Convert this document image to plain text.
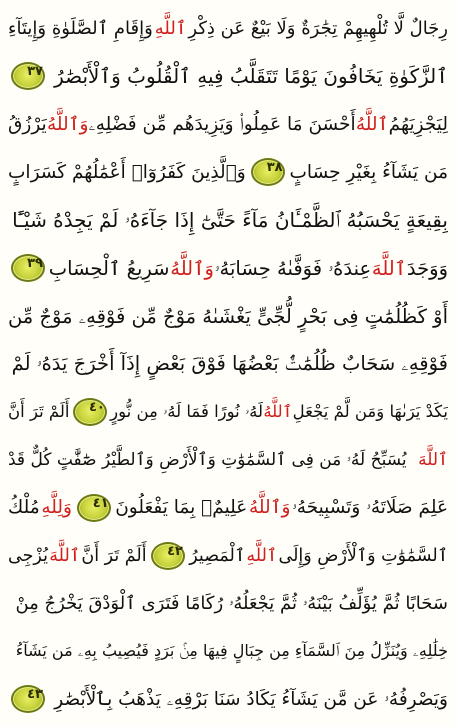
رِجَالٌ لَّا تُلْهِيهِمْ تِجَٰرَةٌ وَلَا بَيْعٌ عَن ذِكْرِ
ٱللَّهِ
وَإِقَامِ ٱلصَّلَوٰةِ وَإِيتَآءِ
ٱلزَّكَوٰةِ يَخَافُونَ يَوْمًا تَتَقَلَّبُ فِيهِ ٱلْقُلُوبُ وَٱلْأَبْصَٰرُ
٣٧
لِيَجْزِيَهُمُ
ٱللَّهُ
أَحْسَنَ مَا عَمِلُوا۟ وَيَزِيدَهُم مِّن فَضْلِهِۦ
وَٱللَّهُ
يَرْزُقُ
مَن يَشَآءُ بِغَيْرِ حِسَابٍ
٣٨
وَٱلَّذِينَ كَفَرُوٓا۟ أَعْمَٰلُهُمْ كَسَرَابٍ
بِقِيعَةٍ يَحْسَبُهُ ٱلظَّمْـَٔانُ مَآءً حَتَّىٰٓ إِذَا جَآءَهُۥ لَمْ يَجِدْهُ شَيْـًٔا
وَوَجَدَ
ٱللَّهَ
عِندَهُۥ فَوَفَّىٰهُ حِسَابَهُۥ
وَٱللَّهُ
سَرِيعُ ٱلْحِسَابِ
٣٩
أَوْ كَظُلُمَٰتٍ فِى بَحْرٍ لُّجِّىٍّ يَغْشَىٰهُ مَوْجٌ مِّن فَوْقِهِۦ مَوْجٌ مِّن
فَوْقِهِۦ سَحَابٌ ظُلُمَٰتٌۢ بَعْضُهَا فَوْقَ بَعْضٍ إِذَآ أَخْرَجَ يَدَهُۥ لَمْ
يَكَدْ يَرَىٰهَا وَمَن لَّمْ يَجْعَلِ
ٱللَّهُ
لَهُۥ نُورًا فَمَا لَهُۥ مِن نُّورٍ
٤٠
أَلَمْ تَرَ أَنَّ
ٱللَّهَ
يُسَبِّحُ لَهُۥ مَن فِى ٱلسَّمَٰوَٰتِ وَٱلْأَرْضِ وَٱلطَّيْرُ صَٰٓفَّٰتٍ كُلٌّ قَدْ
عَلِمَ صَلَاتَهُۥ وَتَسْبِيحَهُۥ
وَٱللَّهُ
عَلِيمٌۢ بِمَا يَفْعَلُونَ
٤١
وَلِلَّهِ
مُلْكُ
ٱلسَّمَٰوَٰتِ وَٱلْأَرْضِ وَإِلَى
ٱللَّهِ
ٱلْمَصِيرُ
٤٢
أَلَمْ تَرَ أَنَّ
ٱللَّهَ
يُزْجِى
سَحَابًا ثُمَّ يُؤَلِّفُ بَيْنَهُۥ ثُمَّ يَجْعَلُهُۥ رُكَامًا فَتَرَى ٱلْوَدْقَ يَخْرُجُ مِنْ
خِلَٰلِهِۦ وَيُنَزِّلُ مِنَ ٱلسَّمَآءِ مِن جِبَالٍ فِيهَا مِنۢ بَرَدٍ فَيُصِيبُ بِهِۦ مَن يَشَآءُ
وَيَصْرِفُهُۥ عَن مَّن يَشَآءُ يَكَادُ سَنَا بَرْقِهِۦ يَذْهَبُ بِٱلْأَبْصَٰرِ
٤٣
